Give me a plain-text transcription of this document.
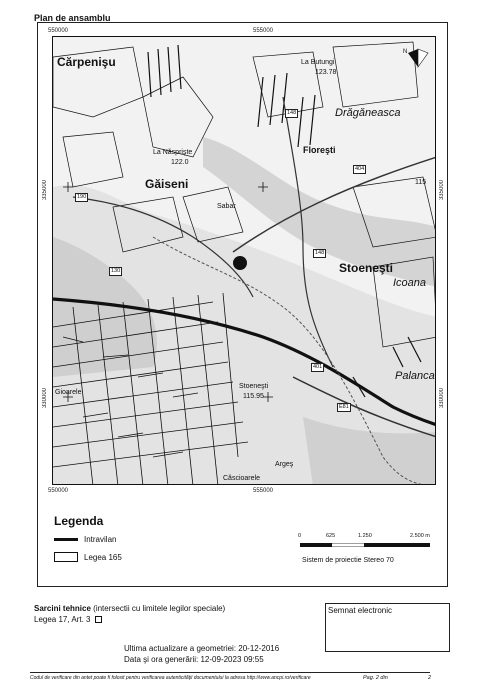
Plan de ansamblu
550000	555000
550000	555000
335000
330000
335000
330000
N
Cărpenişu	La Butungi
123.78
Drăgăneasca
La Năsprişte
122.0
Floreşti
Găiseni
Sabar
Stoeneşti
Icoana
Stoeneşti
115.95
Palanca
Argeş
Căscioarele
Gioarele
115
190
404
148
148
401
E81
130
Legenda
Intravilan
Legea 165
0	625	1.250	2.500 m
Sistem de proiectie Stereo 70
Sarcini tehnice (intersectii cu limitele legilor speciale)
Legea 17, Art. 3
Semnat electronic
Ultima actualizare a geometriei: 20-12-2016
Data şi ora generării: 12-09-2023 09:55
Codul de verificare din antet poate fi folosit pentru verificarea autenticităţii documentului la adresa http://www.ancpi.ro/verificare	Pag. 2 din	2
